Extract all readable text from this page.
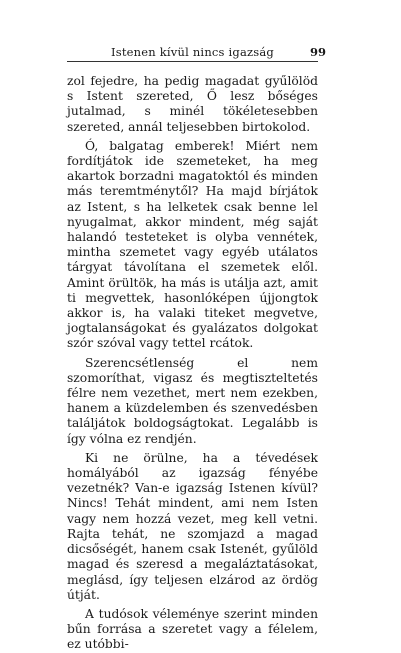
Istenen kívül nincs igazság	99

zol fejedre, ha pedig magadat gyűlölöd s Istent szereted, Ő lesz bőséges jutalmad, s minél tökéletesebben szereted, annál teljesebben birtokolod.

Ó, balgatag emberek! Miért nem fordítjátok ide szemeteket, ha meg akartok borzadni magatoktól és minden más teremtménytől? Ha majd bírjátok az Istent, s ha lelketek csak benne lel nyugalmat, akkor mindent, még saját halandó testeteket is olyba vennétek, mintha szemetet vagy egyéb utálatos tárgyat távolítana el szemetek elől. Amint örültök, ha más is utálja azt, amit ti megvettek, hasonlóképen újjongtok akkor is, ha valaki titeket megvetve, jogtalanságokat és gyalázatos dolgokat szór szóval vagy tettel rcátok.

Szerencsétlenség el nem szomoríthat, vigasz és megtiszteltetés félre nem vezethet, mert nem ezekben, hanem a küzdelemben és szenvedésben találjátok boldogságtokat. Legalább is így vólna ez rendjén.

Ki ne örülne, ha a tévedések homályából az igazság fényébe vezetnék? Van-e igazság Istenen kívül? Nincs! Tehát mindent, ami nem Isten vagy nem hozzá vezet, meg kell vetni. Rajta tehát, ne szomjazd a magad dicsőségét, hanem csak Istenét, gyűlöld magad és szeresd a megaláztatásokat, meglásd, így teljesen elzárod az ördög útját.

A tudósok véleménye szerint minden bűn forrása a szeretet vagy a félelem, ez utóbbi-
